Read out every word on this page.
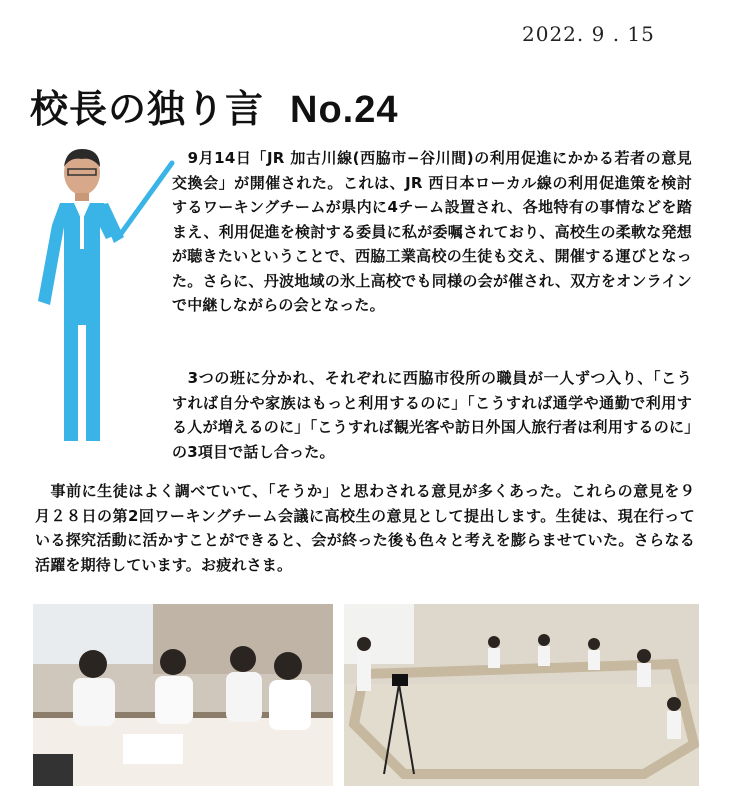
2022. 9 . 15
校長の独り言 No.24
　9月14日「JR 加古川線(西脇市−谷川間)の利用促進にかかる若者の意見交換会」が開催された。これは、JR 西日本ローカル線の利用促進策を検討するワーキングチームが県内に4チーム設置され、各地特有の事情などを踏まえ、利用促進を検討する委員に私が委嘱されており、高校生の柔軟な発想が聴きたいということで、西脇工業高校の生徒も交え、開催する運びとなった。さらに、丹波地域の氷上高校でも同様の会が催され、双方をオンラインで中継しながらの会となった。
　3つの班に分かれ、それぞれに西脇市役所の職員が一人ずつ入り、「こうすれば自分や家族はもっと利用するのに」「こうすれば通学や通勤で利用する人が増えるのに」「こうすれば観光客や訪日外国人旅行者は利用するのに」の3項目で話し合った。
　事前に生徒はよく調べていて、「そうか」と思わされる意見が多くあった。これらの意見を９月２８日の第2回ワーキングチーム会議に高校生の意見として提出します。生徒は、現在行っている探究活動に活かすことができると、会が終った後も色々と考えを膨らませていた。さらなる活躍を期待しています。お疲れさま。
